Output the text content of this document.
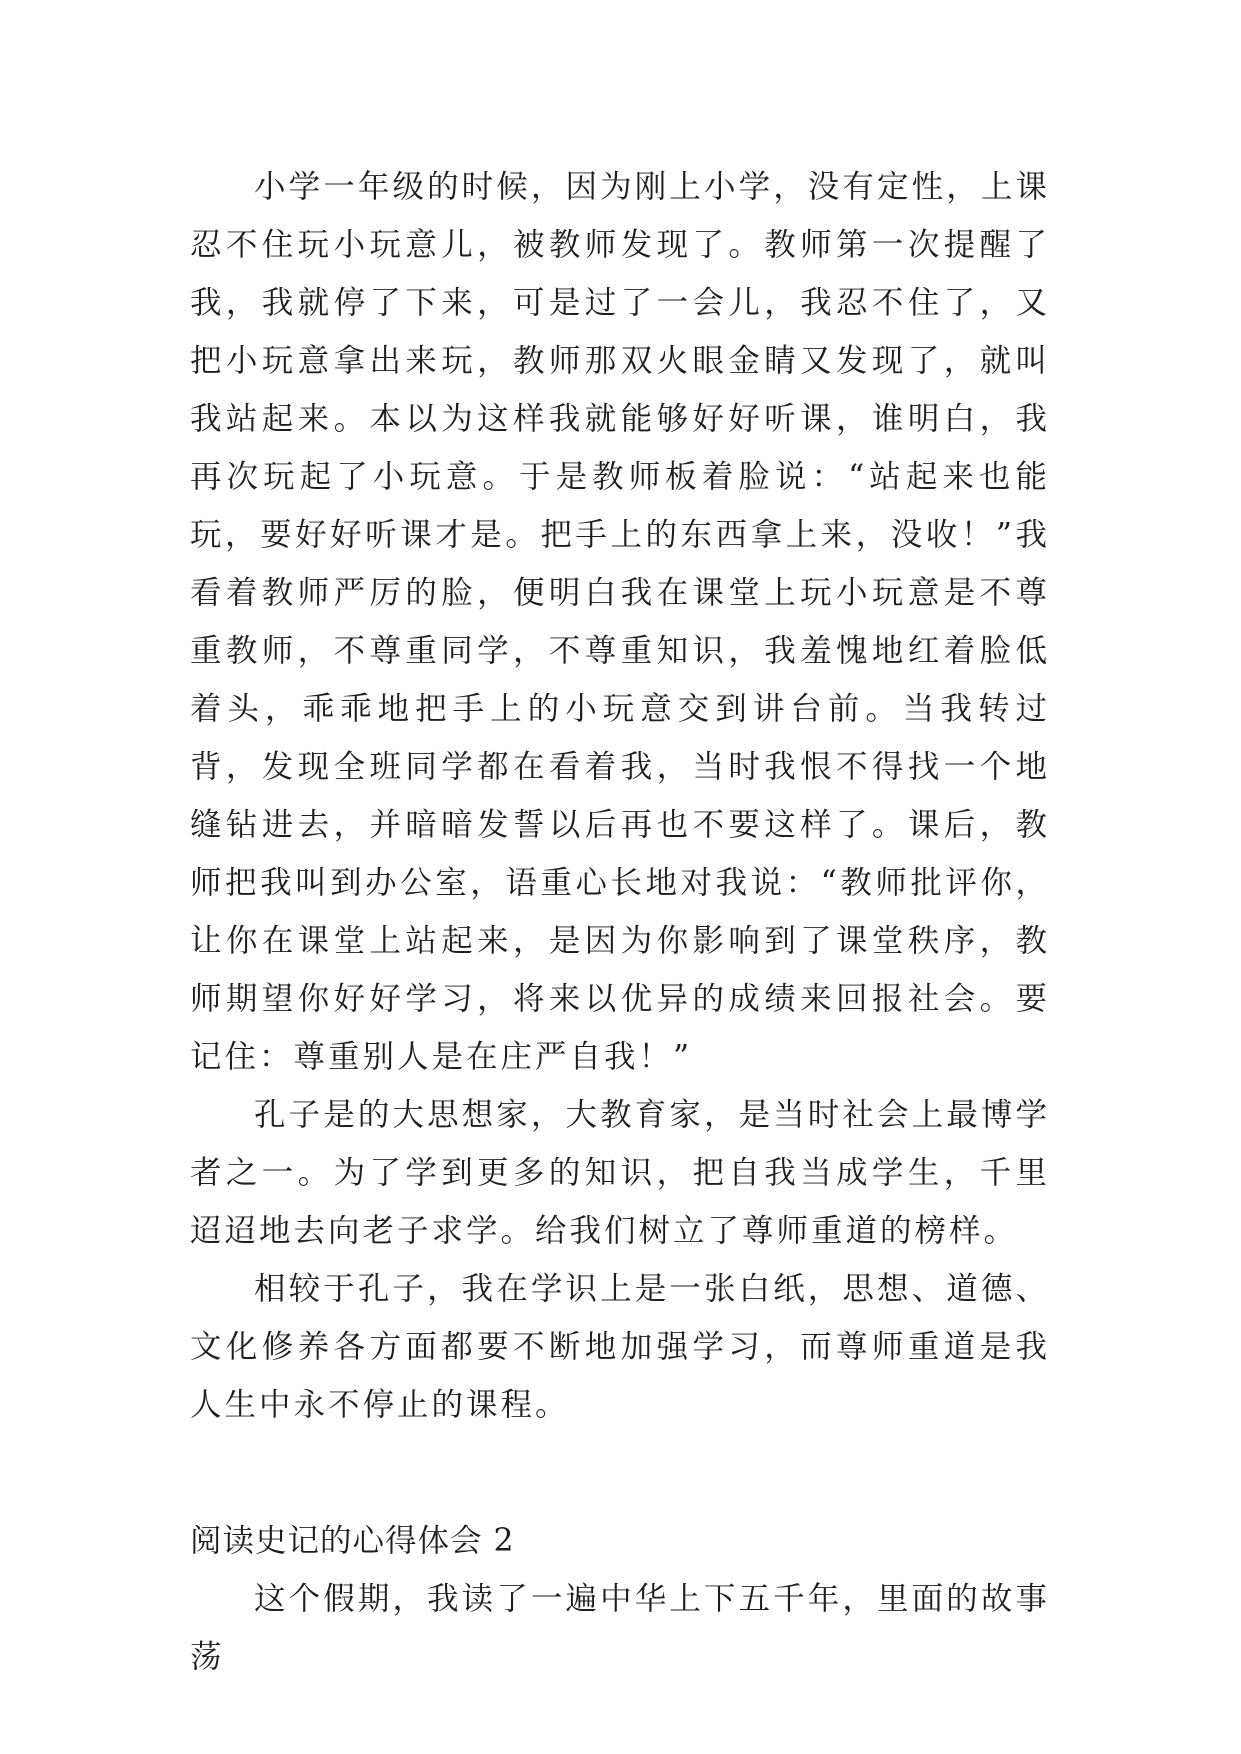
小学一年级的时候，因为刚上小学，没有定性，上课忍不住玩小玩意儿，被教师发现了。教师第一次提醒了我，我就停了下来，可是过了一会儿，我忍不住了，又把小玩意拿出来玩，教师那双火眼金睛又发现了，就叫我站起来。本以为这样我就能够好好听课，谁明白，我再次玩起了小玩意。于是教师板着脸说：“站起来也能玩，要好好听课才是。把手上的东西拿上来，没收！”我看着教师严厉的脸，便明白我在课堂上玩小玩意是不尊重教师，不尊重同学，不尊重知识，我羞愧地红着脸低着头，乖乖地把手上的小玩意交到讲台前。当我转过背，发现全班同学都在看着我，当时我恨不得找一个地缝钻进去，并暗暗发誓以后再也不要这样了。课后，教师把我叫到办公室，语重心长地对我说：“教师批评你，让你在课堂上站起来，是因为你影响到了课堂秩序，教师期望你好好学习，将来以优异的成绩来回报社会。要记住：尊重别人是在庄严自我！”

孔子是的大思想家，大教育家，是当时社会上最博学者之一。为了学到更多的知识，把自我当成学生，千里迢迢地去向老子求学。给我们树立了尊师重道的榜样。

相较于孔子，我在学识上是一张白纸，思想、道德、文化修养各方面都要不断地加强学习，而尊师重道是我人生中永不停止的课程。

阅读史记的心得体会 2

这个假期，我读了一遍中华上下五千年，里面的故事荡
